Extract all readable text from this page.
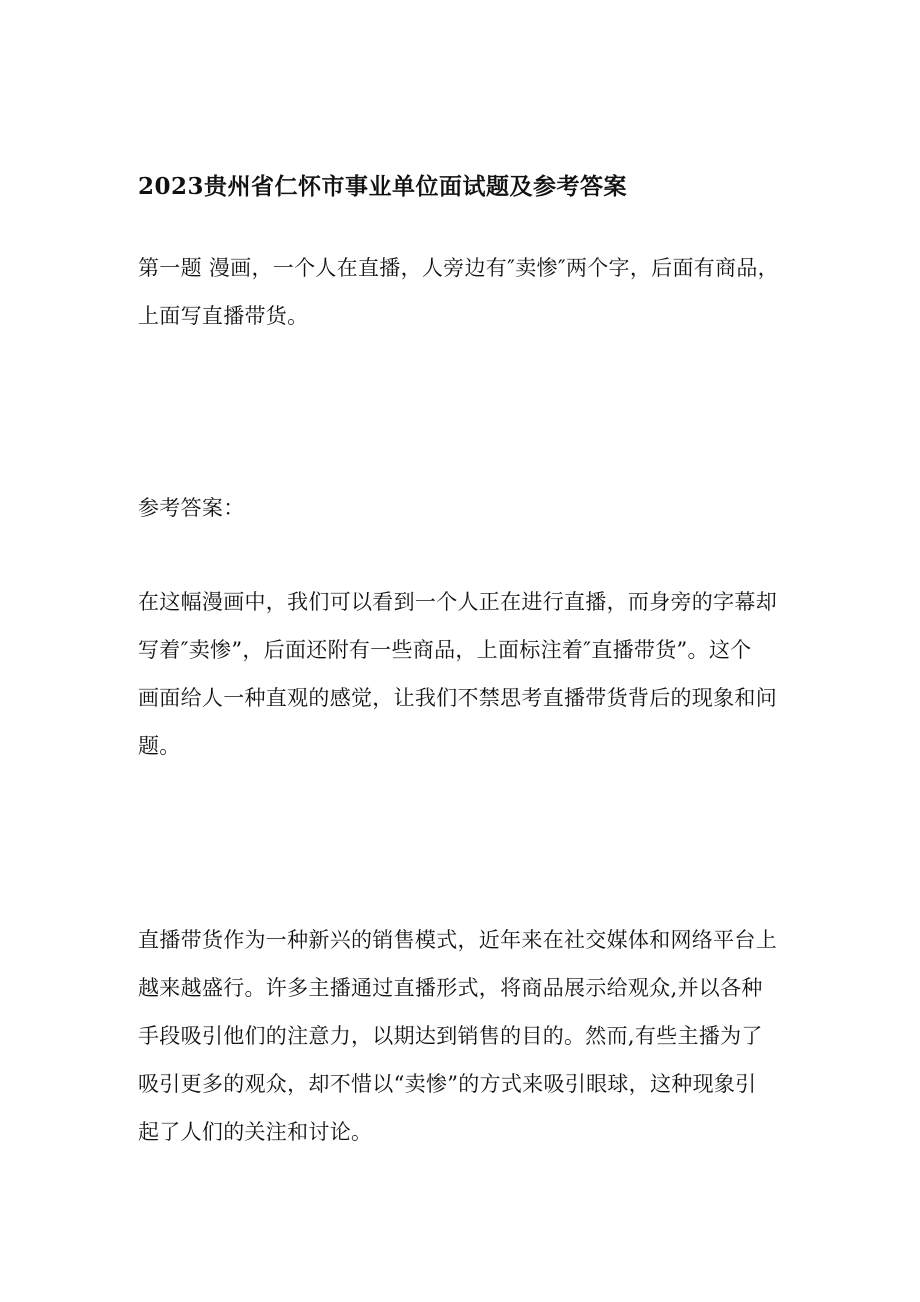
2023贵州省仁怀市事业单位面试题及参考答案
第一题 漫画，一个人在直播，人旁边有″卖惨″两个字，后面有商品，
上面写直播带货。
参考答案：
在这幅漫画中，我们可以看到一个人正在进行直播，而身旁的字幕却
写着″卖惨”，后面还附有一些商品，上面标注着″直播带货”。这个
画面给人一种直观的感觉，让我们不禁思考直播带货背后的现象和问
题。
直播带货作为一种新兴的销售模式，近年来在社交媒体和网络平台上
越来越盛行。许多主播通过直播形式，将商品展示给观众,并以各种
手段吸引他们的注意力，以期达到销售的目的。然而,有些主播为了
吸引更多的观众，却不惜以“卖惨”的方式来吸引眼球，这种现象引
起了人们的关注和讨论。
